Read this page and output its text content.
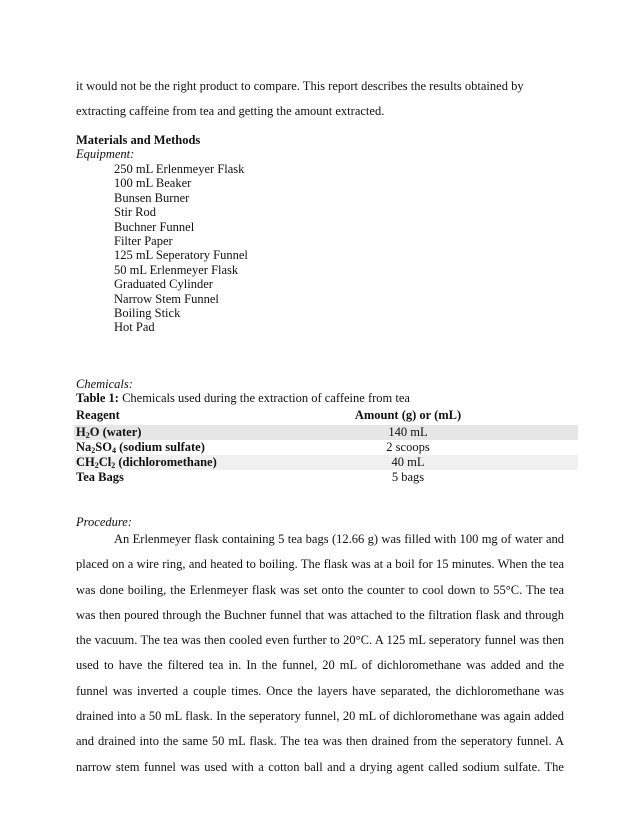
it would not be the right product to compare. This report describes the results obtained by
extracting caffeine from tea and getting the amount extracted.
Materials and Methods
Equipment:
250 mL Erlenmeyer Flask
100 mL Beaker
Bunsen Burner
Stir Rod
Buchner Funnel
Filter Paper
125 mL Seperatory Funnel
50 mL Erlenmeyer Flask
Graduated Cylinder
Narrow Stem Funnel
Boiling Stick
Hot Pad
Chemicals:
Table 1: Chemicals used during the extraction of caffeine from tea
Reagent	Amount (g) or (mL)
$H_2O$ (water)	140 mL
$Na_2SO_4$ (sodium sulfate)	2 scoops
$CH_2Cl_2$ (dichloromethane)	40 mL
Tea Bags	5 bags
Procedure:
An Erlenmeyer flask containing 5 tea bags (12.66 g) was filled with 100 mg of water and
placed on a wire ring, and heated to boiling. The flask was at a boil for 15 minutes. When the tea
was done boiling, the Erlenmeyer flask was set onto the counter to cool down to 55°C. The tea
was then poured through the Buchner funnel that was attached to the filtration flask and through
the vacuum. The tea was then cooled even further to 20°C. A 125 mL seperatory funnel was then
used to have the filtered tea in. In the funnel, 20 mL of dichloromethane was added and the
funnel was inverted a couple times. Once the layers have separated, the dichloromethane was
drained into a 50 mL flask. In the seperatory funnel, 20 mL of dichloromethane was again added
and drained into the same 50 mL flask. The tea was then drained from the seperatory funnel. A
narrow stem funnel was used with a cotton ball and a drying agent called sodium sulfate. The
